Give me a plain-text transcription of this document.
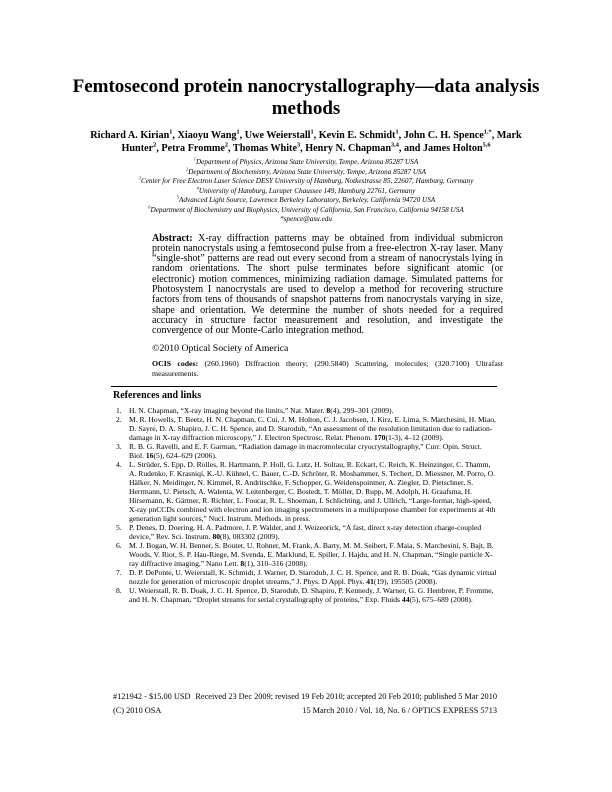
Femtosecond protein nanocrystallography—data analysis methods
Richard A. Kirian$^1$, Xiaoyu Wang$^1$, Uwe Weierstall$^1$, Kevin E. Schmidt$^1$, John C. H. Spence$^{1,*}$, Mark Hunter$^2$, Petra Fromme$^2$, Thomas White$^3$, Henry N. Chapman$^{3,4}$, and James Holton$^{5,6}$
$^1$Department of Physics, Arizona State University, Tempe, Arizona 85287 USA
$^2$Department of Biochemistry, Arizona State University, Tempe, Arizona 85287 USA
$^3$Center for Free Electron Laser Science DESY University of Hamburg, Notkestrasse 85, 22607, Hamburg, Germany
$^4$University of Hamburg, Luruper Chaussee 149, Hamburg 22761, Germany
$^5$Advanced Light Source, Lawrence Berkeley Laboratory, Berkeley, California 94720 USA
$^6$Department of Biochemistry and Biophysics, University of California, San Francisco, California 94158 USA
*spence@asu.edu
Abstract: X-ray diffraction patterns may be obtained from individual submicron protein nanocrystals using a femtosecond pulse from a free-electron X-ray laser. Many “single-shot” patterns are read out every second from a stream of nanocrystals lying in random orientations. The short pulse terminates before significant atomic (or electronic) motion commences, minimizing radiation damage. Simulated patterns for Photosystem I nanocrystals are used to develop a method for recovering structure factors from tens of thousands of snapshot patterns from nanocrystals varying in size, shape and orientation. We determine the number of shots needed for a required accuracy in structure factor measurement and resolution, and investigate the convergence of our Monte-Carlo integration method.
©2010 Optical Society of America
OCIS codes: (260.1960) Diffraction theory; (290.5840) Scattering, molecules; (320.7100) Ultrafast measurements.
References and links
1. H. N. Chapman, “X-ray imaging beyond the limits,” Nat. Mater. 8(4), 299–301 (2009).
2. M. R. Howells, T. Beetz, H. N. Chapman, C. Cui, J. M. Holton, C. J. Jacobsen, J. Kirz, E. Lima, S. Marchesini, H. Miao, D. Sayre, D. A. Shapiro, J. C. H. Spence, and D. Starodub, “An assessment of the resolution limitation due to radiation-damage in X-ray diffraction microscopy,” J. Electron Spectrosc. Relat. Phenom. 170(1-3), 4–12 (2009).
3. R. B. G. Ravelli, and E. F. Garman, “Radiation damage in macromolecular cryocrystallography,” Curr. Opin. Struct. Biol. 16(5), 624–629 (2006).
4. L. Strüder, S. Epp, D. Rolles, R. Hartmann, P. Holl, G. Lutz, H. Soltau, R. Eckart, C. Reich, K. Heinzinger, C. Thamm, A. Rudenko, F. Krasniqi, K.-U. Kühnel, C. Bauer, C.-D. Schröter, R. Moshammer, S. Techert, D. Miessner, M. Porro, O. Hälker, N. Meidinger, N. Kimmel, R. Andritschke, F. Schopper, G. Weidenspointner, A. Ziegler, D. Pietschner, S. Herrmann, U. Pietsch, A. Walenta, W. Leitenberger, C. Bostedt, T. Möller, D. Rupp, M. Adolph, H. Graafsma, H. Hirsemann, K. Gärtner, R. Richter, L. Foucar, R. L. Shoeman, I. Schlichting, and J. Ullrich, “Large-format, high-speed, X-ray pnCCDs combined with electron and ion imaging spectrometers in a multipurpose chamber for experiments at 4th generation light sources,” Nucl. Instrum. Methods. in press.
5. P. Denes, D. Doering, H. A. Padmore, J. P. Walder, and J. Weizeorick, “A fast, direct x-ray detection charge-coupled device,” Rev. Sci. Instrum. 80(8), 083302 (2009).
6. M. J. Bogan, W. H. Benner, S. Boutet, U. Rohner, M. Frank, A. Barty, M. M. Seibert, F. Maia, S. Marchesini, S. Bajt, B. Woods, V. Riot, S. P. Hau-Riege, M. Svenda, E. Marklund, E. Spiller, J. Hajdu, and H. N. Chapman, “Single particle X-ray diffractive imaging,” Nano Lett. 8(1), 310–316 (2008).
7. D. P. DePonte, U. Weierstall, K. Schmidt, J. Warner, D. Starodub, J. C. H. Spence, and R. B. Doak, “Gas dynamic virtual nozzle for generation of microscopic droplet streams,” J. Phys. D Appl. Phys. 41(19), 195505 (2008).
8. U. Weierstall, R. B. Doak, J. C. H. Spence, D. Starodub, D. Shapiro, P. Kennedy, J. Warner, G. G. Hembree, P. Fromme, and H. N. Chapman, “Droplet streams for serial crystallography of proteins,” Exp. Fluids 44(5), 675–689 (2008).
#121942 - $15.00 USD Received 23 Dec 2009; revised 19 Feb 2010; accepted 20 Feb 2010; published 5 Mar 2010
(C) 2010 OSA	15 March 2010 / Vol. 18, No. 6 / OPTICS EXPRESS 5713
